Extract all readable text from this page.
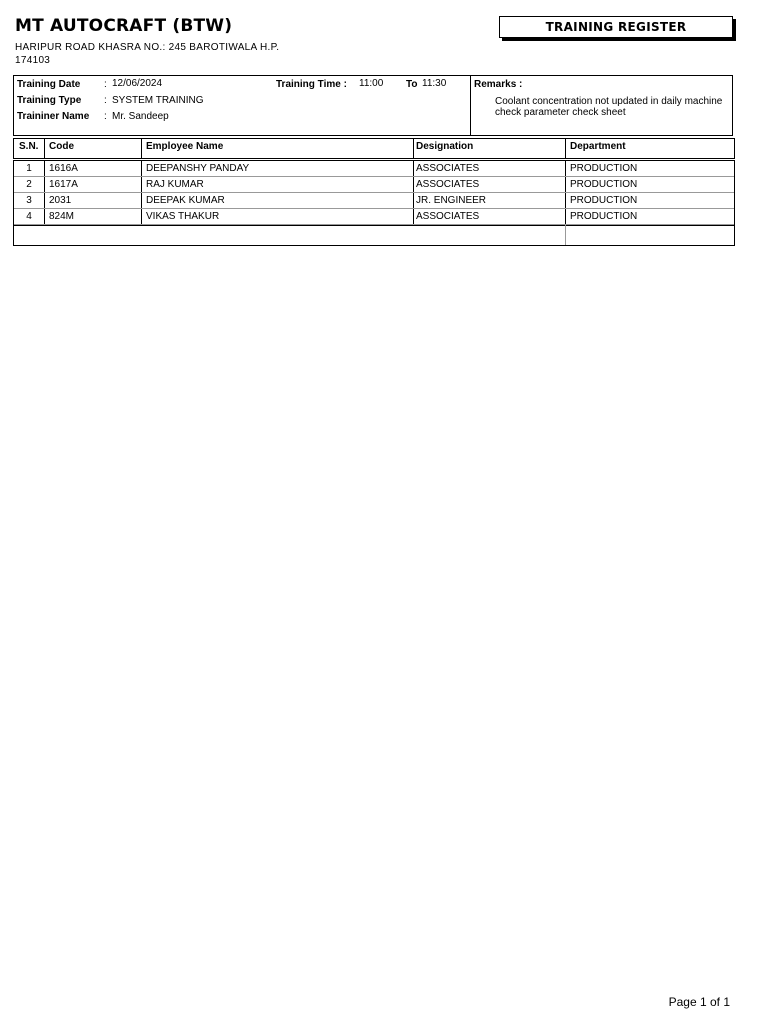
MT AUTOCRAFT (BTW)
HARIPUR ROAD KHASRA NO.: 245 BAROTIWALA H.P.
174103
TRAINING REGISTER
Training Date : 12/06/2024
Training Type : SYSTEM TRAINING
Traininer Name : Mr. Sandeep
Training Time : 11:00 To 11:30	Remarks :
Coolant concentration not updated in daily machine check parameter check sheet
S.N. Code	Employee Name	Designation	Department
1	1616A	DEEPANSHY PANDAY	ASSOCIATES	PRODUCTION
2	1617A	RAJ KUMAR	ASSOCIATES	PRODUCTION
3	2031	DEEPAK KUMAR	JR. ENGINEER	PRODUCTION
4	824M	VIKAS THAKUR	ASSOCIATES	PRODUCTION
Page 1 of 1
